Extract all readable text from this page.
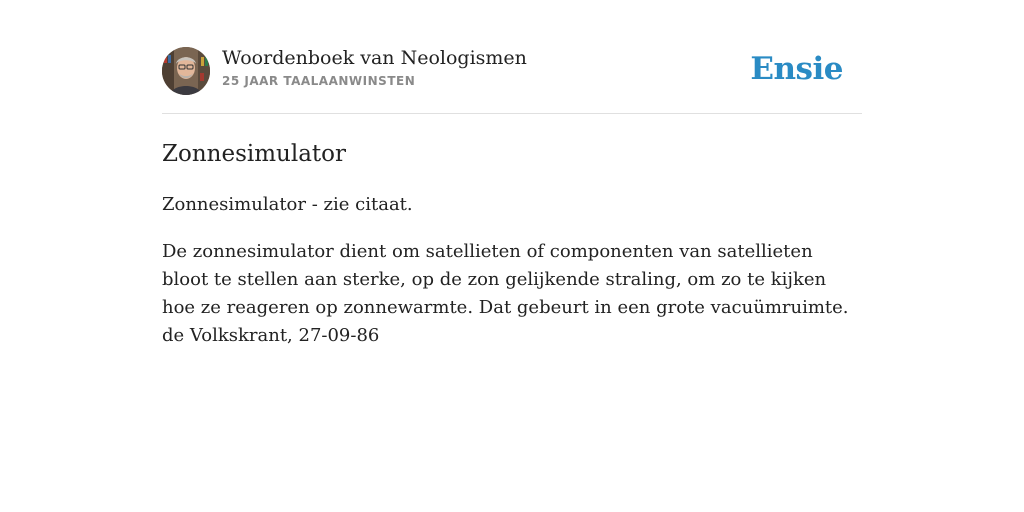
Woordenboek van Neologismen
25 JAAR TAALAANWINSTEN	Ensie
Zonnesimulator

Zonnesimulator - zie citaat.

De zonnesimulator dient om satellieten of componenten van satellieten bloot te stellen aan sterke, op de zon gelijkende straling, om zo te kijken hoe ze reageren op zonnewarmte. Dat gebeurt in een grote vacuümruimte. de Volkskrant, 27-09-86
